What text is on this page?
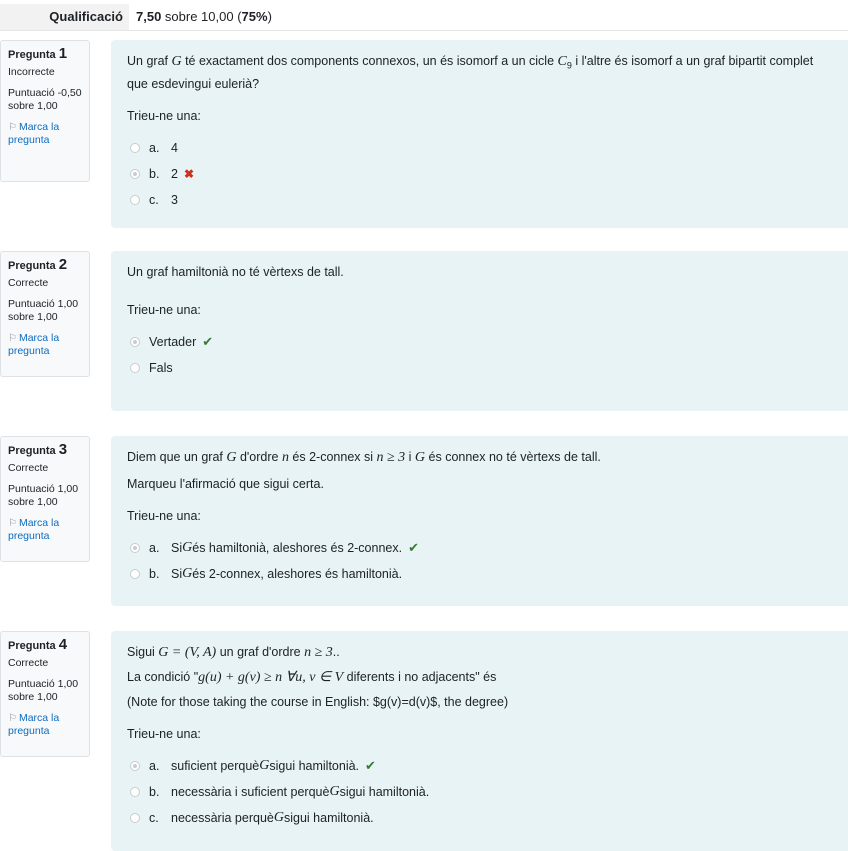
Qualificació	7,50 sobre 10,00 (75%)
Pregunta 1
Incorrecte
Puntuació -0,50 sobre 1,00
⚐ Marca la pregunta
Un graf G té exactament dos components connexos, un és isomorf a un cicle $C_9$ i l'altre és isomorf a un graf bipartit complet
que esdevingui eulerià?
Trieu-ne una:
a. 4
b. 2 ✖
c. 3
Pregunta 2
Correcte
Puntuació 1,00 sobre 1,00
⚐ Marca la pregunta
Un graf hamiltonià no té vèrtexs de tall.
Trieu-ne una:
Vertader ✔
Fals
Pregunta 3
Correcte
Puntuació 1,00 sobre 1,00
⚐ Marca la pregunta
Diem que un graf G d'ordre n és 2-connex si n ≥ 3 i G és connex no té vèrtexs de tall.
Marqueu l'afirmació que sigui certa.
Trieu-ne una:
a. Si G és hamiltonià, aleshores és 2-connex. ✔
b. Si G és 2-connex, aleshores és hamiltonià.
Pregunta 4
Correcte
Puntuació 1,00 sobre 1,00
⚐ Marca la pregunta
Sigui G = (V, A) un graf d'ordre n ≥ 3..
La condició "g(u) + g(v) ≥ n ∀u, v ∈ V diferents i no adjacents" és
(Note for those taking the course in English: $g(v)=d(v)$, the degree)
Trieu-ne una:
a. suficient perquè G sigui hamiltonià. ✔
b. necessària i suficient perquè G sigui hamiltonià.
c. necessària perquè G sigui hamiltonià.
